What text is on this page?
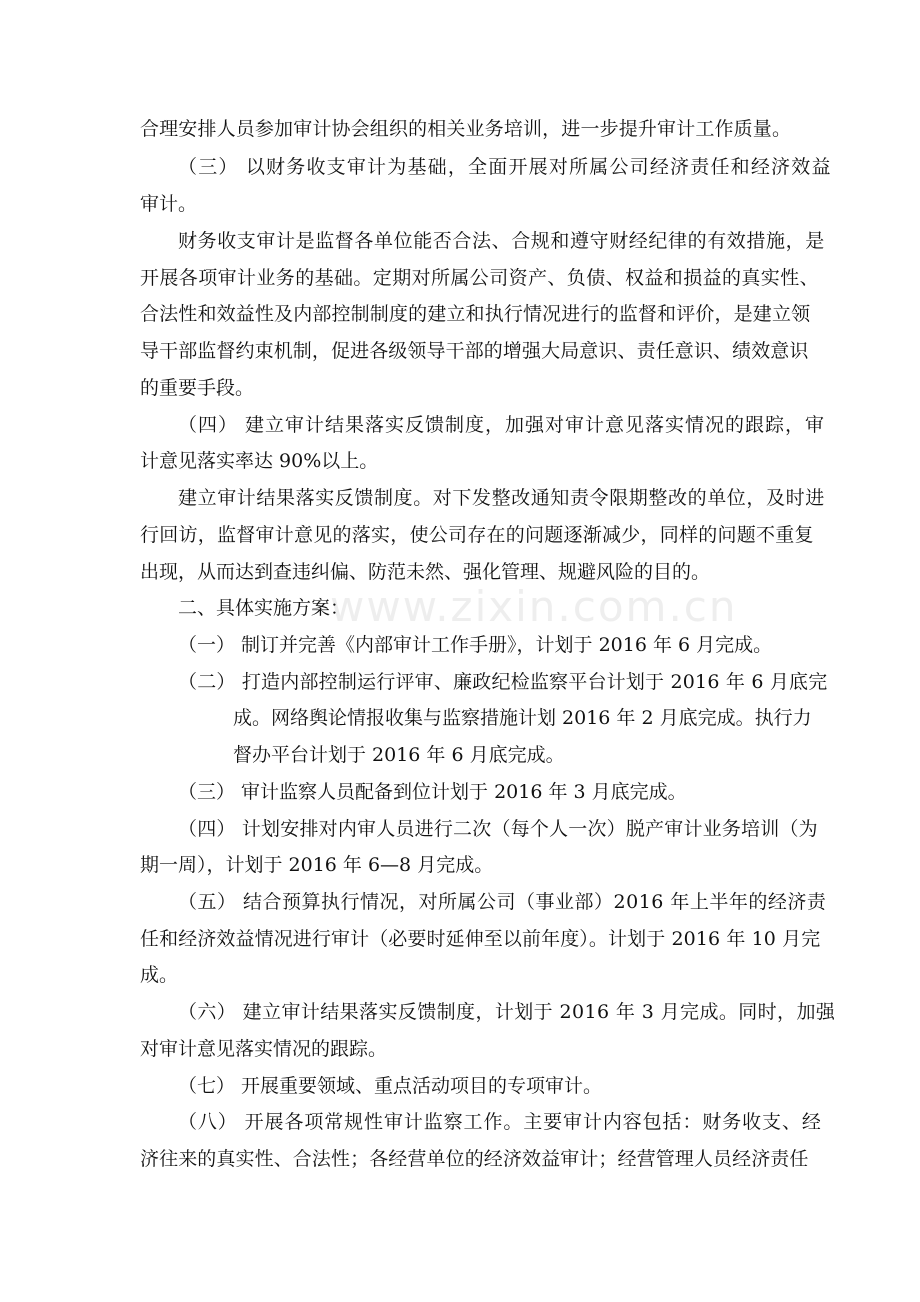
www.zixin.com.cn
合理安排人员参加审计协会组织的相关业务培训，进一步提升审计工作质量。
（三） 以财务收支审计为基础，全面开展对所属公司经济责任和经济效益
审计。
财务收支审计是监督各单位能否合法、合规和遵守财经纪律的有效措施，是
开展各项审计业务的基础。定期对所属公司资产、负债、权益和损益的真实性、
合法性和效益性及内部控制制度的建立和执行情况进行的监督和评价，是建立领
导干部监督约束机制，促进各级领导干部的增强大局意识、责任意识、绩效意识
的重要手段。
（四） 建立审计结果落实反馈制度，加强对审计意见落实情况的跟踪，审
计意见落实率达 90%以上。
建立审计结果落实反馈制度。对下发整改通知责令限期整改的单位，及时进
行回访，监督审计意见的落实，使公司存在的问题逐渐减少，同样的问题不重复
出现，从而达到查违纠偏、防范未然、强化管理、规避风险的目的。
二、具体实施方案：
（一） 制订并完善《内部审计工作手册》，计划于 2016 年 6 月完成。
（二） 打造内部控制运行评审、廉政纪检监察平台计划于 2016 年 6 月底完
成。网络舆论情报收集与监察措施计划 2016 年 2 月底完成。执行力
督办平台计划于 2016 年 6 月底完成。
（三） 审计监察人员配备到位计划于 2016 年 3 月底完成。
（四） 计划安排对内审人员进行二次（每个人一次）脱产审计业务培训（为
期一周），计划于 2016 年 6—8 月完成。
（五） 结合预算执行情况，对所属公司（事业部）2016 年上半年的经济责
任和经济效益情况进行审计（必要时延伸至以前年度）。计划于 2016 年 10 月完
成。
（六） 建立审计结果落实反馈制度，计划于 2016 年 3 月完成。同时，加强
对审计意见落实情况的跟踪。
（七） 开展重要领域、重点活动项目的专项审计。
（八） 开展各项常规性审计监察工作。主要审计内容包括：财务收支、经
济往来的真实性、合法性；各经营单位的经济效益审计；经营管理人员经济责任
